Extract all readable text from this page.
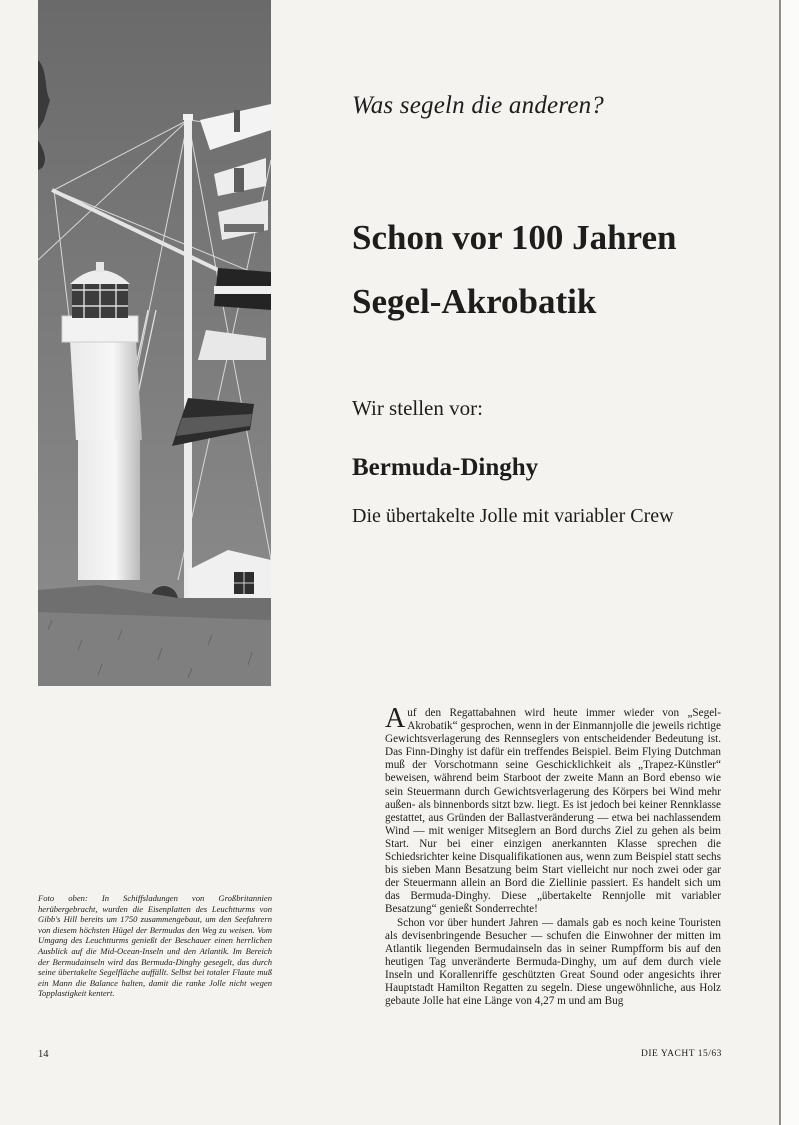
Was segeln die anderen?
Schon vor 100 Jahren
Segel-Akrobatik
Wir stellen vor:
Bermuda-Dinghy
Die übertakelte Jolle mit variabler Crew
Foto oben: In Schiffsladungen von Großbritannien herübergebracht, wurden die Eisenplatten des Leuchtturms von Gibb's Hill bereits um 1750 zusammengebaut, um den Seefahrern von diesem höchsten Hügel der Bermudas den Weg zu weisen. Vom Umgang des Leuchtturms genießt der Beschauer einen herrlichen Ausblick auf die Mid-Ocean-Inseln und den Atlantik. Im Bereich der Bermudainseln wird das Bermuda-Dinghy gesegelt, das durch seine übertakelte Segelfläche auffällt. Selbst bei totaler Flaute muß ein Mann die Balance halten, damit die ranke Jolle nicht wegen Topplastigkeit kentert.

Auf den Regattabahnen wird heute immer wieder von „Segel-Akrobatik“ gesprochen, wenn in der Einmannjolle die jeweils richtige Gewichtsverlagerung des Rennseglers von entscheidender Bedeutung ist. Das Finn-Dinghy ist dafür ein treffendes Beispiel. Beim Flying Dutchman muß der Vorschotmann seine Geschicklichkeit als „Trapez-Künstler“ beweisen, während beim Starboot der zweite Mann an Bord ebenso wie sein Steuermann durch Gewichtsverlagerung des Körpers bei Wind mehr außen- als binnenbords sitzt bzw. liegt. Es ist jedoch bei keiner Rennklasse gestattet, aus Gründen der Ballastveränderung — etwa bei nachlassendem Wind — mit weniger Mitseglern an Bord durchs Ziel zu gehen als beim Start. Nur bei einer einzigen anerkannten Klasse sprechen die Schiedsrichter keine Disqualifikationen aus, wenn zum Beispiel statt sechs bis sieben Mann Besatzung beim Start vielleicht nur noch zwei oder gar der Steuermann allein an Bord die Ziellinie passiert. Es handelt sich um das Bermuda-Dinghy. Diese „übertakelte Rennjolle mit variabler Besatzung“ genießt Sonderrechte!

Schon vor über hundert Jahren — damals gab es noch keine Touristen als devisenbringende Besucher — schufen die Einwohner der mitten im Atlantik liegenden Bermudainseln das in seiner Rumpfform bis auf den heutigen Tag unveränderte Bermuda-Dinghy, um auf dem durch viele Inseln und Korallenriffe geschützten Great Sound oder angesichts ihrer Hauptstadt Hamilton Regatten zu segeln. Diese ungewöhnliche, aus Holz gebaute Jolle hat eine Länge von 4,27 m und am Bug

14	DIE YACHT 15/63
